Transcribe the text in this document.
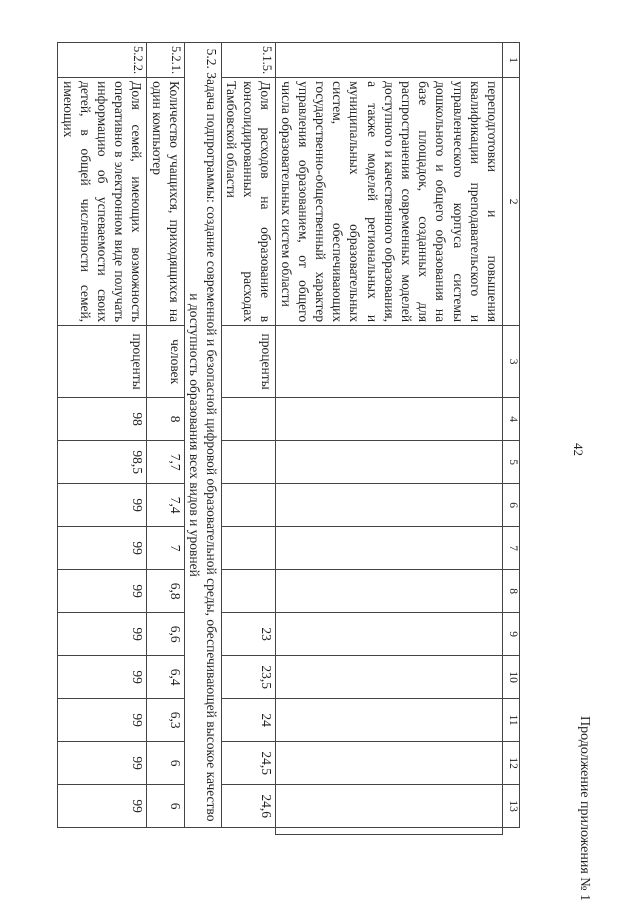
Продолжение приложения № 1
42
1	2	3	4	5	6	7	8	9	10	11	12	13	
	переподготовки и повышения квалификации преподавательского и управленческого корпуса системы дошкольного и общего образования на базе площадок, созданных для распространения современных моделей доступного и качественного образования, а также моделей региональных и муниципальных образовательных систем, обеспечивающих государственно-общественный характер управления образованием, от общего числа образовательных систем области												
5.1.5.	Доля расходов на образование в консолидированных расходах Тамбовской области	проценты						23	23,5	24	24,5	24,6	
5.2. Задача подпрограммы: создание современной и безопасной цифровой образовательной среды, обеспечивающей высокое качество и доступность образования всех видов и уровней													
5.2.1.	Количество учащихся, приходящихся на один компьютер	человек	8	7,7	7,4	7	6,8	6,6	6,4	6,3	6	6	
5.2.2.	Доля семей, имеющих возможность оперативно в электронном виде получать информацию об успеваемости своих детей, в общей численности семей, имеющих	проценты	98	98,5	99	99	99	99	99	99	99	99	
